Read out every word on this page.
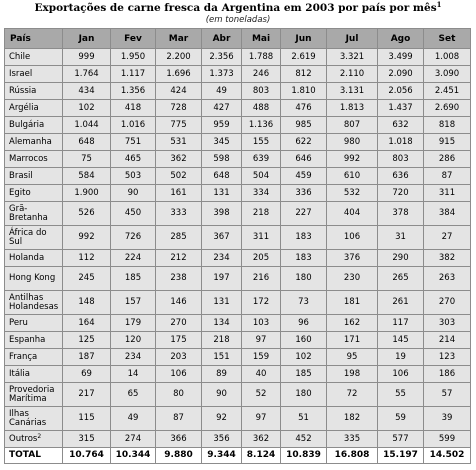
Exportações de carne fresca da Argentina em 2003 por país por mês$^1$
(em toneladas)
País	Jan	Fev	Mar	Abr	Mai	Jun	Jul	Ago	Set
Chile	999	1.950	2.200	2.356	1.788	2.619	3.321	3.499	1.008
Israel	1.764	1.117	1.696	1.373	246	812	2.110	2.090	3.090
Rússia	434	1.356	424	49	803	1.810	3.131	2.056	2.451
Argélia	102	418	728	427	488	476	1.813	1.437	2.690
Bulgária	1.044	1.016	775	959	1.136	985	807	632	818
Alemanha	648	751	531	345	155	622	980	1.018	915
Marrocos	75	465	362	598	639	646	992	803	286
Brasil	584	503	502	648	504	459	610	636	87
Egito	1.900	90	161	131	334	336	532	720	311
Grã-Bretanha	526	450	333	398	218	227	404	378	384
África do Sul	992	726	285	367	311	183	106	31	27
Holanda	112	224	212	234	205	183	376	290	382
Hong Kong	245	185	238	197	216	180	230	265	263
Antilhas Holandesas	148	157	146	131	172	73	181	261	270
Peru	164	179	270	134	103	96	162	117	303
Espanha	125	120	175	218	97	160	171	145	214
França	187	234	203	151	159	102	95	19	123
Itália	69	14	106	89	40	185	198	106	186
Provedoria Marítima	217	65	80	90	52	180	72	55	57
Ilhas Canárias	115	49	87	92	97	51	182	59	39
Outros$^2$	315	274	366	356	362	452	335	577	599
TOTAL	10.764	10.344	9.880	9.344	8.124	10.839	16.808	15.197	14.502
